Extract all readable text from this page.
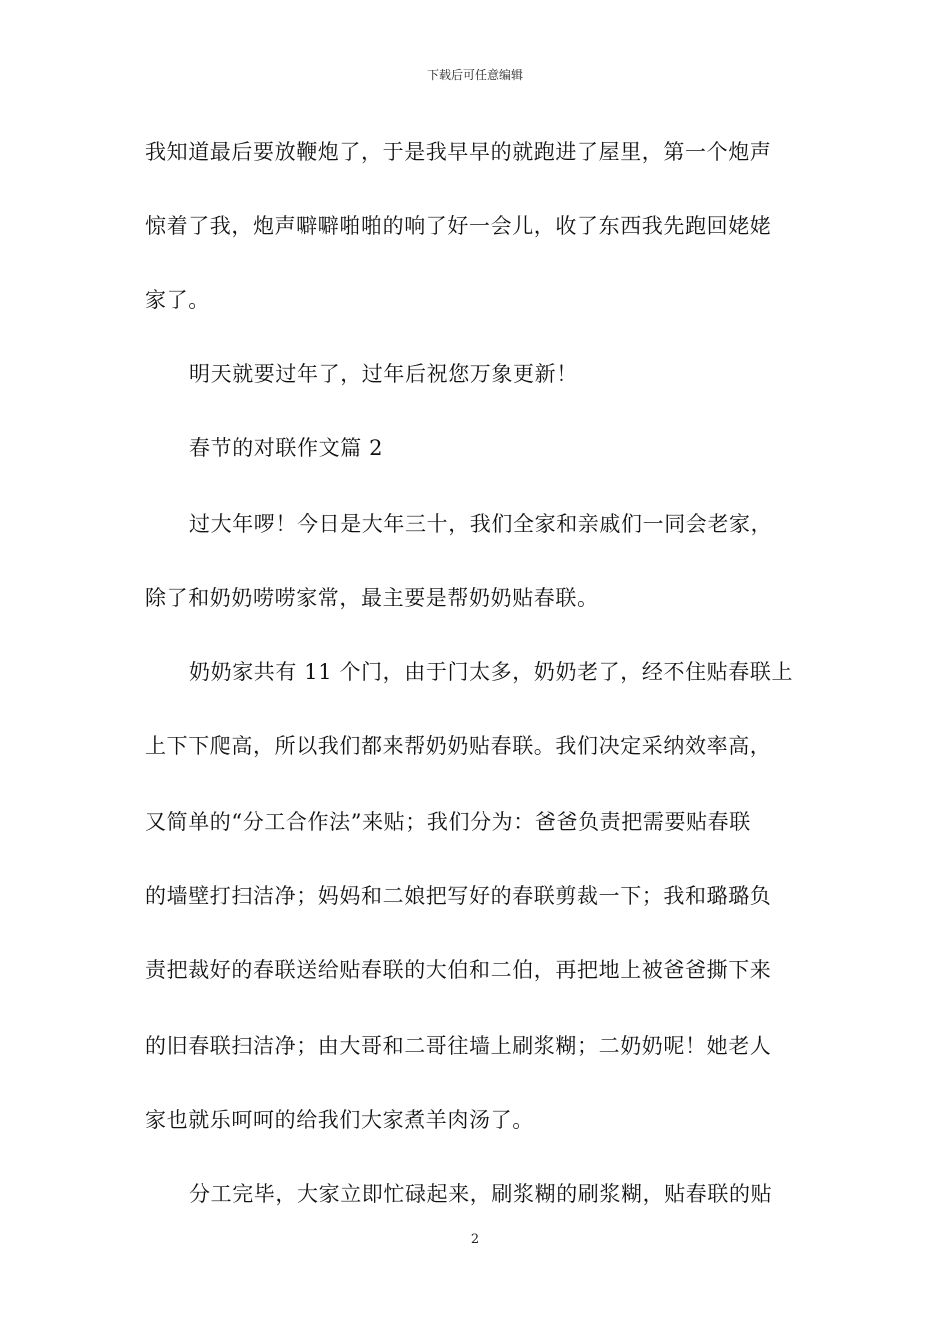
下载后可任意编辑
我知道最后要放鞭炮了，于是我早早的就跑进了屋里，第一个炮声
惊着了我，炮声噼噼啪啪的响了好一会儿，收了东西我先跑回姥姥
家了。
明天就要过年了，过年后祝您万象更新！
春节的对联作文篇 2
过大年啰！今日是大年三十，我们全家和亲戚们一同会老家，
除了和奶奶唠唠家常，最主要是帮奶奶贴春联。
奶奶家共有 11 个门，由于门太多，奶奶老了，经不住贴春联上
上下下爬高，所以我们都来帮奶奶贴春联。我们决定采纳效率高，
又简单的“分工合作法”来贴；我们分为：爸爸负责把需要贴春联
的墙壁打扫洁净；妈妈和二娘把写好的春联剪裁一下；我和璐璐负
责把裁好的春联送给贴春联的大伯和二伯，再把地上被爸爸撕下来
的旧春联扫洁净；由大哥和二哥往墙上刷浆糊；二奶奶呢！她老人
家也就乐呵呵的给我们大家煮羊肉汤了。
分工完毕，大家立即忙碌起来，刷浆糊的刷浆糊，贴春联的贴
2
